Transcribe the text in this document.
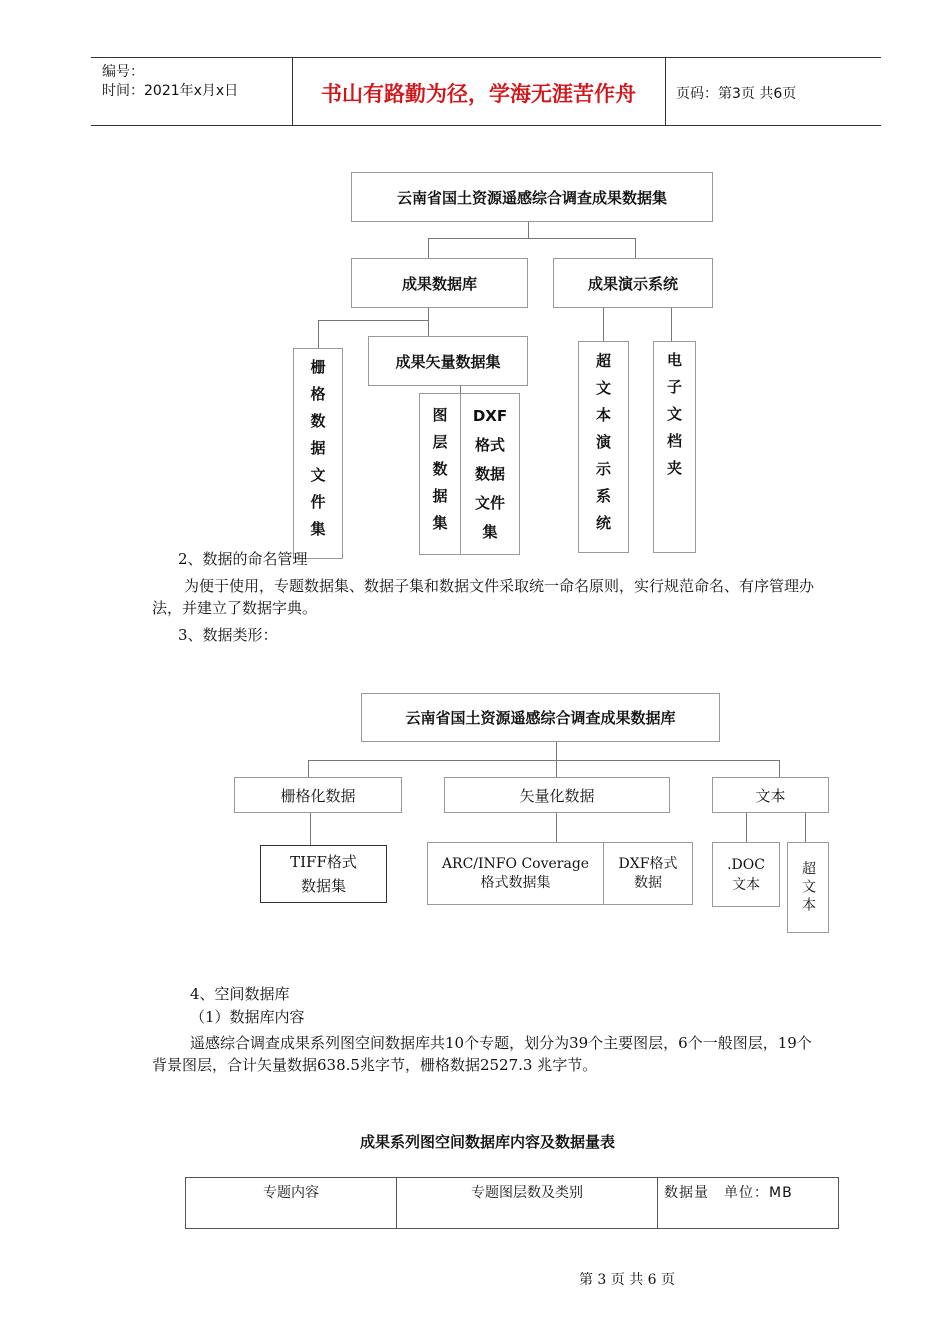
编号：
时间：2021年x月x日	书山有路勤为径，学海无涯苦作舟	页码：第3页 共6页
云南省国土资源遥感综合调查成果数据集
成果数据库	成果演示系统
栅格数据文件集	成果矢量数据集
图层数据集	DXF格式数据文件集	超文本演示系统	电子文档夹
2、数据的命名管理
为便于使用，专题数据集、数据子集和数据文件采取统一命名原则，实行规范命名、有序管理办法，并建立了数据字典。
3、数据类形：
云南省国土资源遥感综合调查成果数据库
栅格化数据	矢量化数据	文本
TIFF格式数据集
ARC/INFO Coverage格式数据集
DXF格式数据
.DOC文本	超文本
4、空间数据库
（1）数据库内容
遥感综合调查成果系列图空间数据库共10个专题，划分为39个主要图层，6个一般图层，19个背景图层，合计矢量数据638.5兆字节，栅格数据2527.3 兆字节。
成果系列图空间数据库内容及数据量表
专题内容	专题图层数及类别	数据量　单位：MB
第 3 页 共 6 页
